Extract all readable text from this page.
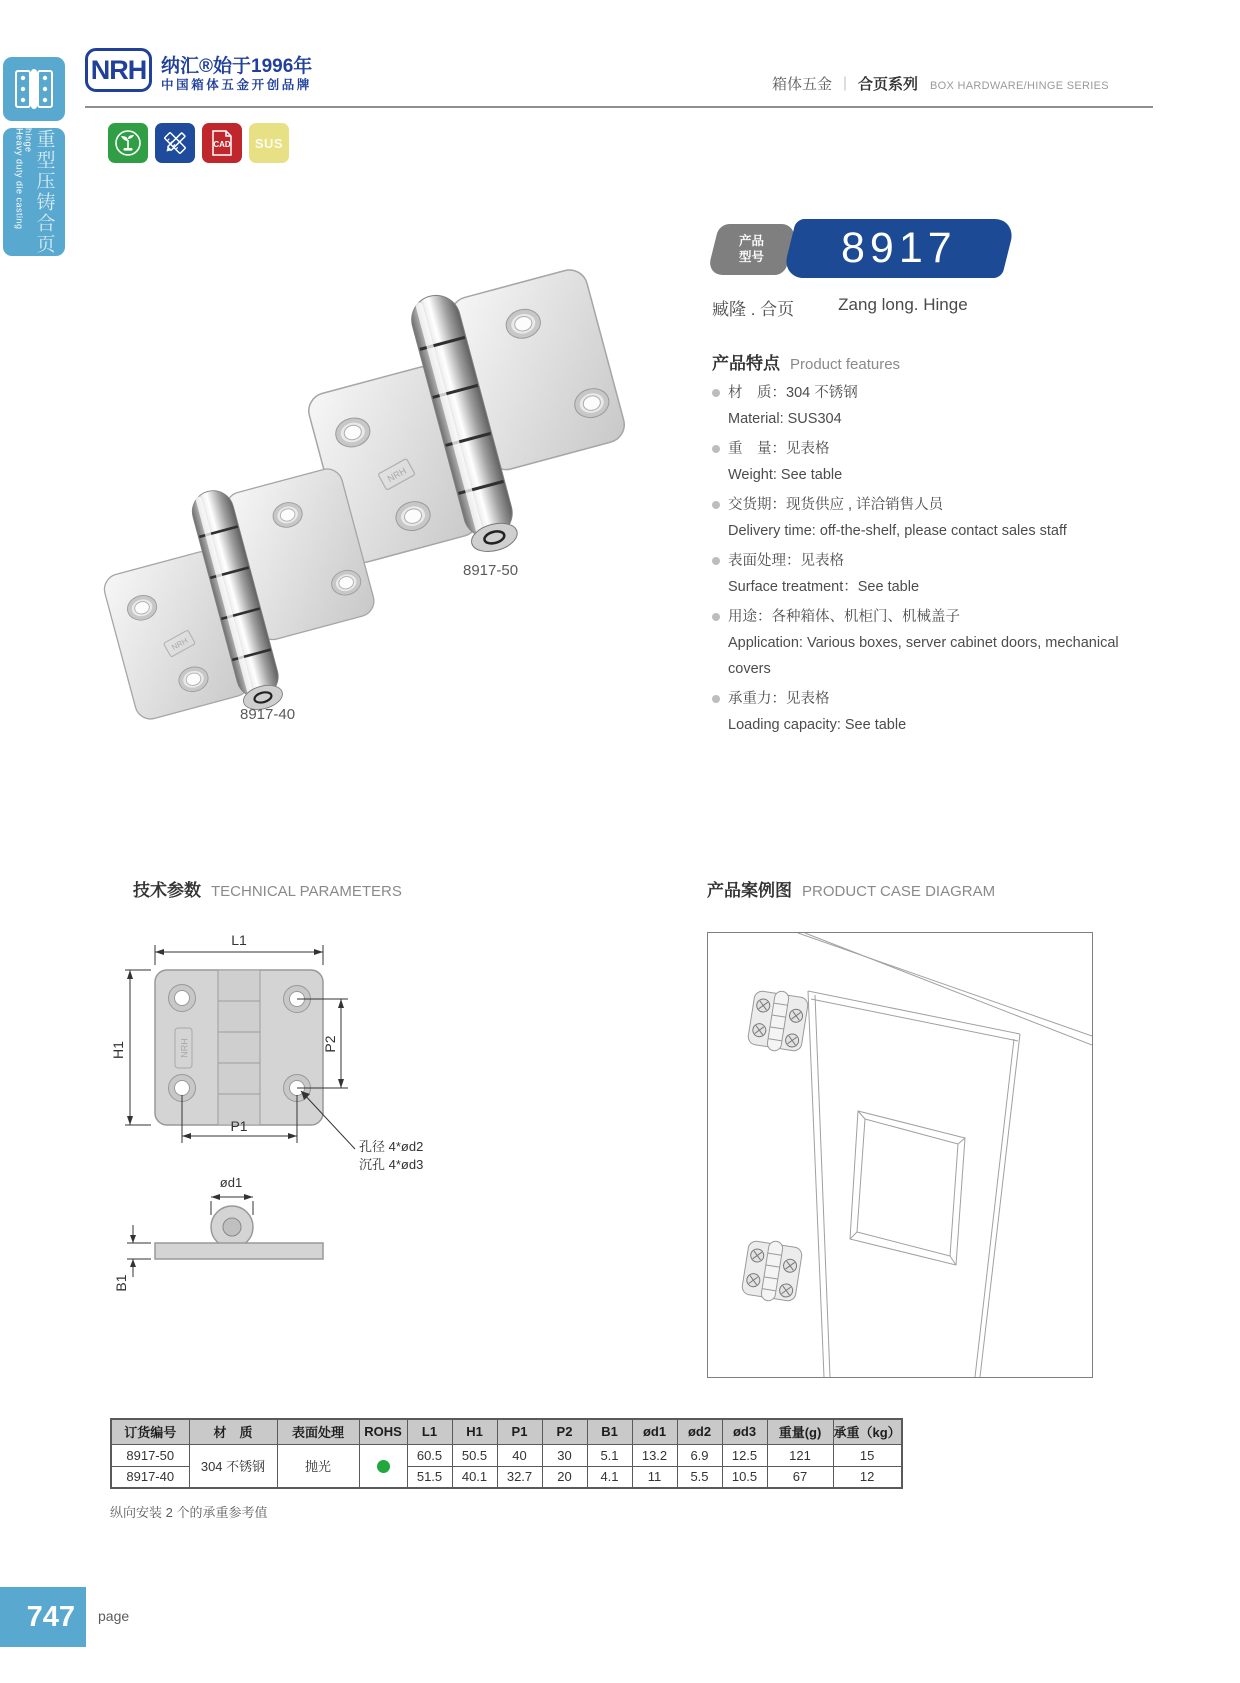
Heavy duty die casting hinge 重型压铸合页
NRH 纳汇®始于1996年
中国箱体五金开创品牌	箱体五金 ｜ 合页系列 BOX HARDWARE/HINGE SERIES
CAD SUS
8917-50
8917-40
产品
型号 8917
臧隆 . 合页	Zang long. Hinge
产品特点 Product features
材　质：304 不锈钢
Material: SUS304
重　量：见表格
Weight: See table
交货期：现货供应 , 详洽销售人员
Delivery time: off-the-shelf, please contact sales staff
表面处理：见表格
Surface treatment：See table
用途：各种箱体、机柜门、机械盖子
Application: Various boxes, server cabinet doors, mechanical covers
承重力：见表格
Loading capacity: See table
技术参数 TECHNICAL PARAMETERS
NRH
L1
H1	P2
P1
孔径 4*ød2
沉孔 4*ød3
ød1
B1
产品案例图 PRODUCT CASE DIAGRAM
订货编号	材　质	表面处理	ROHS	L1	H1	P1	P2	B1	ød1	ød2	ød3	重量(g)	承重（kg）
8917-50	304 不锈钢	抛光		60.5	50.5	40	30	5.1	13.2	6.9	12.5	121	15
8917-40				51.5	40.1	32.7	20	4.1	11	5.5	10.5	67	12
纵向安装 2 个的承重参考值
747 page
